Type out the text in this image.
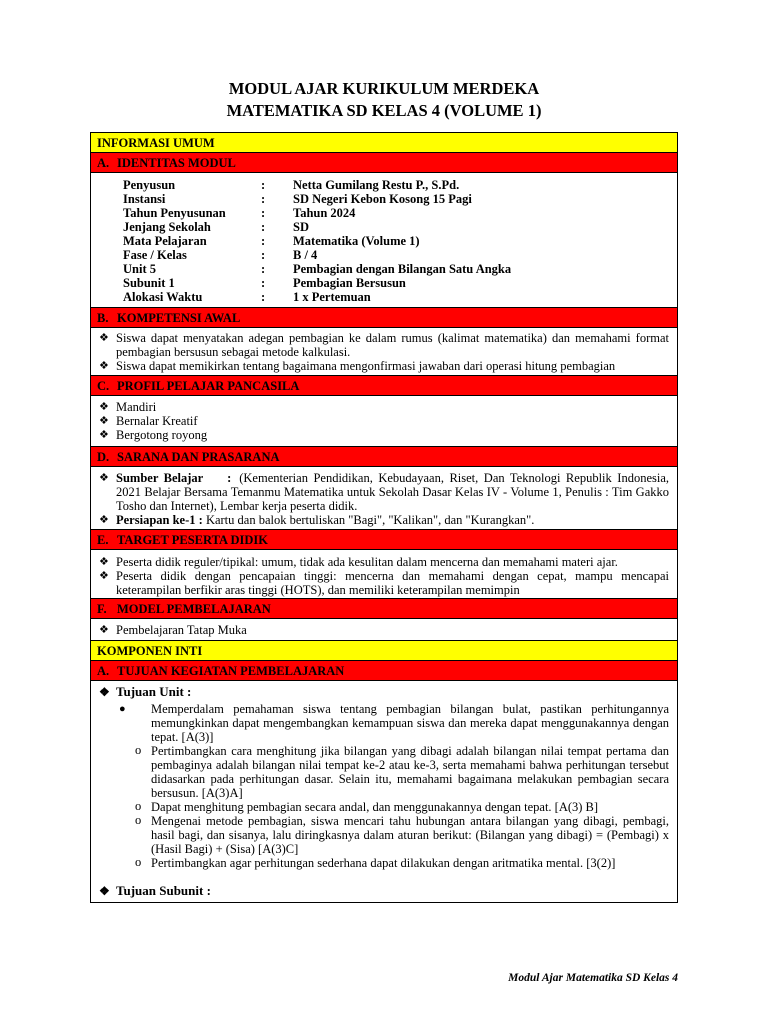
MODUL AJAR KURIKULUM MERDEKA
MATEMATIKA SD KELAS 4 (VOLUME 1)
INFORMASI UMUM
A. IDENTITAS MODUL
Penyusun	:	Netta Gumilang Restu P., S.Pd.
Instansi	:	SD Negeri Kebon Kosong 15 Pagi
Tahun Penyusunan	:	Tahun 2024
Jenjang Sekolah	:	SD
Mata Pelajaran	:	Matematika (Volume 1)
Fase / Kelas	:	B / 4
Unit 5	:	Pembagian dengan Bilangan Satu Angka
Subunit 1	:	Pembagian Bersusun
Alokasi Waktu	:	1 x Pertemuan
B. KOMPETENSI AWAL
❖ Siswa dapat menyatakan adegan pembagian ke dalam rumus (kalimat matematika) dan memahami format pembagian bersusun sebagai metode kalkulasi.
❖ Siswa dapat memikirkan tentang bagaimana mengonfirmasi jawaban dari operasi hitung pembagian
C. PROFIL PELAJAR PANCASILA
❖ Mandiri
❖ Bernalar Kreatif
❖ Bergotong royong
D. SARANA DAN PRASARANA
❖ Sumber Belajar : (Kementerian Pendidikan, Kebudayaan, Riset, Dan Teknologi Republik Indonesia, 2021 Belajar Bersama Temanmu Matematika untuk Sekolah Dasar Kelas IV - Volume 1, Penulis : Tim Gakko Tosho dan Internet), Lembar kerja peserta didik.
❖ Persiapan ke-1 : Kartu dan balok bertuliskan "Bagi", "Kalikan", dan "Kurangkan".
E. TARGET PESERTA DIDIK
❖ Peserta didik reguler/tipikal: umum, tidak ada kesulitan dalam mencerna dan memahami materi ajar.
❖ Peserta didik dengan pencapaian tinggi: mencerna dan memahami dengan cepat, mampu mencapai keterampilan berfikir aras tinggi (HOTS), dan memiliki keterampilan memimpin
F. MODEL PEMBELAJARAN
❖ Pembelajaran Tatap Muka
KOMPONEN INTI
A. TUJUAN KEGIATAN PEMBELAJARAN
❖ Tujuan Unit :
● Memperdalam pemahaman siswa tentang pembagian bilangan bulat, pastikan perhitungannya memungkinkan dapat mengembangkan kemampuan siswa dan mereka dapat menggunakannya dengan tepat. [A(3)]
o Pertimbangkan cara menghitung jika bilangan yang dibagi adalah bilangan nilai tempat pertama dan pembaginya adalah bilangan nilai tempat ke-2 atau ke-3, serta memahami bahwa perhitungan tersebut didasarkan pada perhitungan dasar. Selain itu, memahami bagaimana melakukan pembagian secara bersusun. [A(3)A]
o Dapat menghitung pembagian secara andal, dan menggunakannya dengan tepat. [A(3) B]
o Mengenai metode pembagian, siswa mencari tahu hubungan antara bilangan yang dibagi, pembagi, hasil bagi, dan sisanya, lalu diringkasnya dalam aturan berikut: (Bilangan yang dibagi) = (Pembagi) x (Hasil Bagi) + (Sisa) [A(3)C]
o Pertimbangkan agar perhitungan sederhana dapat dilakukan dengan aritmatika mental. [3(2)]
❖ Tujuan Subunit :
Modul Ajar Matematika SD Kelas 4
